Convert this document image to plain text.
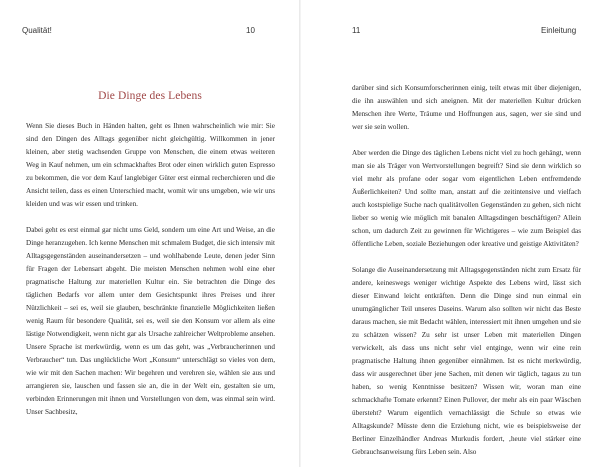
Qualität!	10
Die Dinge des Lebens

Wenn Sie dieses Buch in Händen halten, geht es Ihnen wahrscheinlich wie mir: Sie sind den Dingen des Alltags gegenüber nicht gleichgültig. Willkommen in jener kleinen, aber stetig wachsenden Gruppe von Menschen, die einem etwas weiteren Weg in Kauf nehmen, um ein schmackhaftes Brot oder einen wirklich guten Espresso zu bekommen, die vor dem Kauf langlebiger Güter erst einmal recherchieren und die Ansicht teilen, dass es einen Unterschied macht, womit wir uns umgeben, wie wir uns kleiden und was wir essen und trinken.

Dabei geht es erst einmal gar nicht ums Geld, sondern um eine Art und Weise, an die Dinge heranzugehen. Ich kenne Menschen mit schmalem Budget, die sich intensiv mit Alltagsgegenständen auseinandersetzen – und wohlhabende Leute, denen jeder Sinn für Fragen der Lebensart abgeht. Die meisten Menschen nehmen wohl eine eher pragmatische Haltung zur materiellen Kultur ein. Sie betrachten die Dinge des täglichen Bedarfs vor allem unter dem Gesichtspunkt ihres Preises und ihrer Nützlichkeit – sei es, weil sie glauben, beschränkte finanzielle Möglichkeiten ließen wenig Raum für besondere Qualität, sei es, weil sie den Konsum vor allem als eine lästige Notwendigkeit, wenn nicht gar als Ursache zahlreicher Weltprobleme ansehen. Unsere Sprache ist merkwürdig, wenn es um das geht, was „Verbraucherinnen und Verbraucher“ tun. Das unglückliche Wort „Konsum“ unterschlägt so vieles von dem, wie wir mit den Sachen machen: Wir begehren und verehren sie, wählen sie aus und arrangieren sie, lauschen und fassen sie an, die in der Welt ein, gestalten sie um, verbinden Erinnerungen mit ihnen und Vorstellungen von dem, was einmal sein wird. Unser Sachbesitz,

11	Einleitung

darüber sind sich Konsumforscherinnen einig, teilt etwas mit über diejenigen, die ihn auswählen und sich aneignen. Mit der materiellen Kultur drücken Menschen ihre Werte, Träume und Hoffnungen aus, sagen, wer sie sind und wer sie sein wollen.

Aber werden die Dinge des täglichen Lebens nicht viel zu hoch gehängt, wenn man sie als Träger von Wertvorstellungen begreift? Sind sie denn wirklich so viel mehr als profane oder sogar vom eigentlichen Leben entfremdende Äußerlichkeiten? Und sollte man, anstatt auf die zeitintensive und vielfach auch kostspielige Suche nach qualitätvollen Gegenständen zu gehen, sich nicht lieber so wenig wie möglich mit banalen Alltagsdingen beschäftigen? Allein schon, um dadurch Zeit zu gewinnen für Wichtigeres – wie zum Beispiel das öffentliche Leben, soziale Beziehungen oder kreative und geistige Aktivitäten?

Solange die Auseinandersetzung mit Alltagsgegenständen nicht zum Ersatz für andere, keineswegs weniger wichtige Aspekte des Lebens wird, lässt sich dieser Einwand leicht entkräften. Denn die Dinge sind nun einmal ein unumgänglicher Teil unseres Daseins. Warum also sollten wir nicht das Beste daraus machen, sie mit Bedacht wählen, interessiert mit ihnen umgehen und sie zu schätzen wissen? Zu sehr ist unser Leben mit materiellen Dingen verwickelt, als dass uns nicht sehr viel entginge, wenn wir eine rein pragmatische Haltung ihnen gegenüber einnähmen. Ist es nicht merkwürdig, dass wir ausgerechnet über jene Sachen, mit denen wir täglich, tagaus zu tun haben, so wenig Kenntnisse besitzen? Wissen wir, woran man eine schmackhafte Tomate erkennt? Einen Pullover, der mehr als ein paar Wäschen übersteht? Warum eigentlich vernachlässigt die Schule so etwas wie Alltagskunde? Müsste denn die Erziehung nicht, wie es beispielsweise der Berliner Einzelhändler Andreas Murkudis fordert, ‚heute viel stärker eine Gebrauchsanweisung fürs Leben sein. Also
